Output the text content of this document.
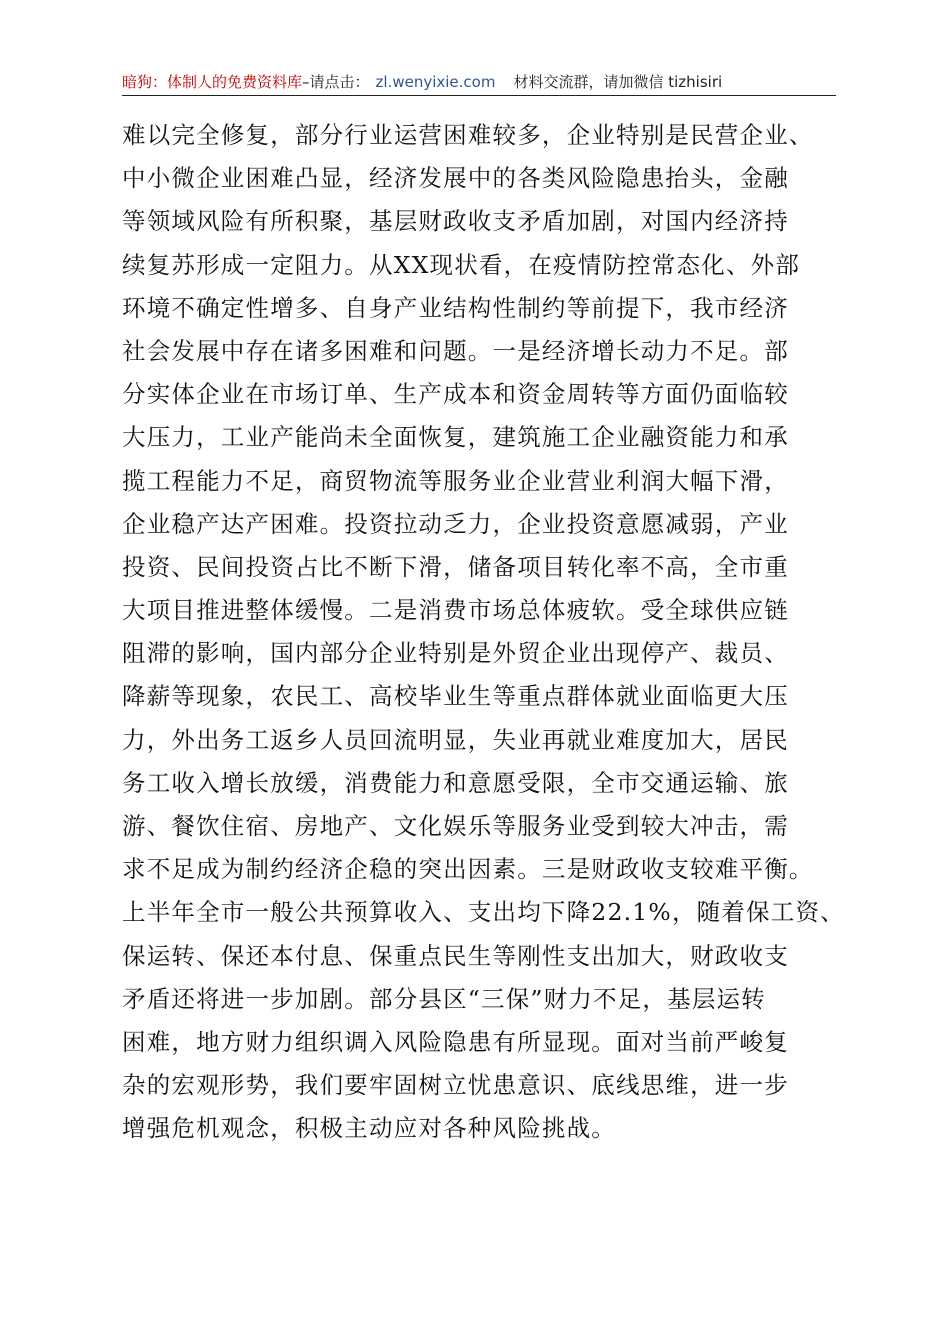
暗狗：体制人的免费资料库–请点击： zl.wenyixie.com 材料交流群，请加微信 tizhisiri
难以完全修复，部分行业运营困难较多，企业特别是民营企业、
中小微企业困难凸显，经济发展中的各类风险隐患抬头，金融
等领域风险有所积聚，基层财政收支矛盾加剧，对国内经济持
续复苏形成一定阻力。从XX现状看，在疫情防控常态化、外部
环境不确定性增多、自身产业结构性制约等前提下，我市经济
社会发展中存在诸多困难和问题。一是经济增长动力不足。部
分实体企业在市场订单、生产成本和资金周转等方面仍面临较
大压力，工业产能尚未全面恢复，建筑施工企业融资能力和承
揽工程能力不足，商贸物流等服务业企业营业利润大幅下滑，
企业稳产达产困难。投资拉动乏力，企业投资意愿减弱，产业
投资、民间投资占比不断下滑，储备项目转化率不高，全市重
大项目推进整体缓慢。二是消费市场总体疲软。受全球供应链
阻滞的影响，国内部分企业特别是外贸企业出现停产、裁员、
降薪等现象，农民工、高校毕业生等重点群体就业面临更大压
力，外出务工返乡人员回流明显，失业再就业难度加大，居民
务工收入增长放缓，消费能力和意愿受限，全市交通运输、旅
游、餐饮住宿、房地产、文化娱乐等服务业受到较大冲击，需
求不足成为制约经济企稳的突出因素。三是财政收支较难平衡。
上半年全市一般公共预算收入、支出均下降22.1%，随着保工资、
保运转、保还本付息、保重点民生等刚性支出加大，财政收支
矛盾还将进一步加剧。部分县区“三保”财力不足，基层运转
困难，地方财力组织调入风险隐患有所显现。面对当前严峻复
杂的宏观形势，我们要牢固树立忧患意识、底线思维，进一步
增强危机观念，积极主动应对各种风险挑战。
